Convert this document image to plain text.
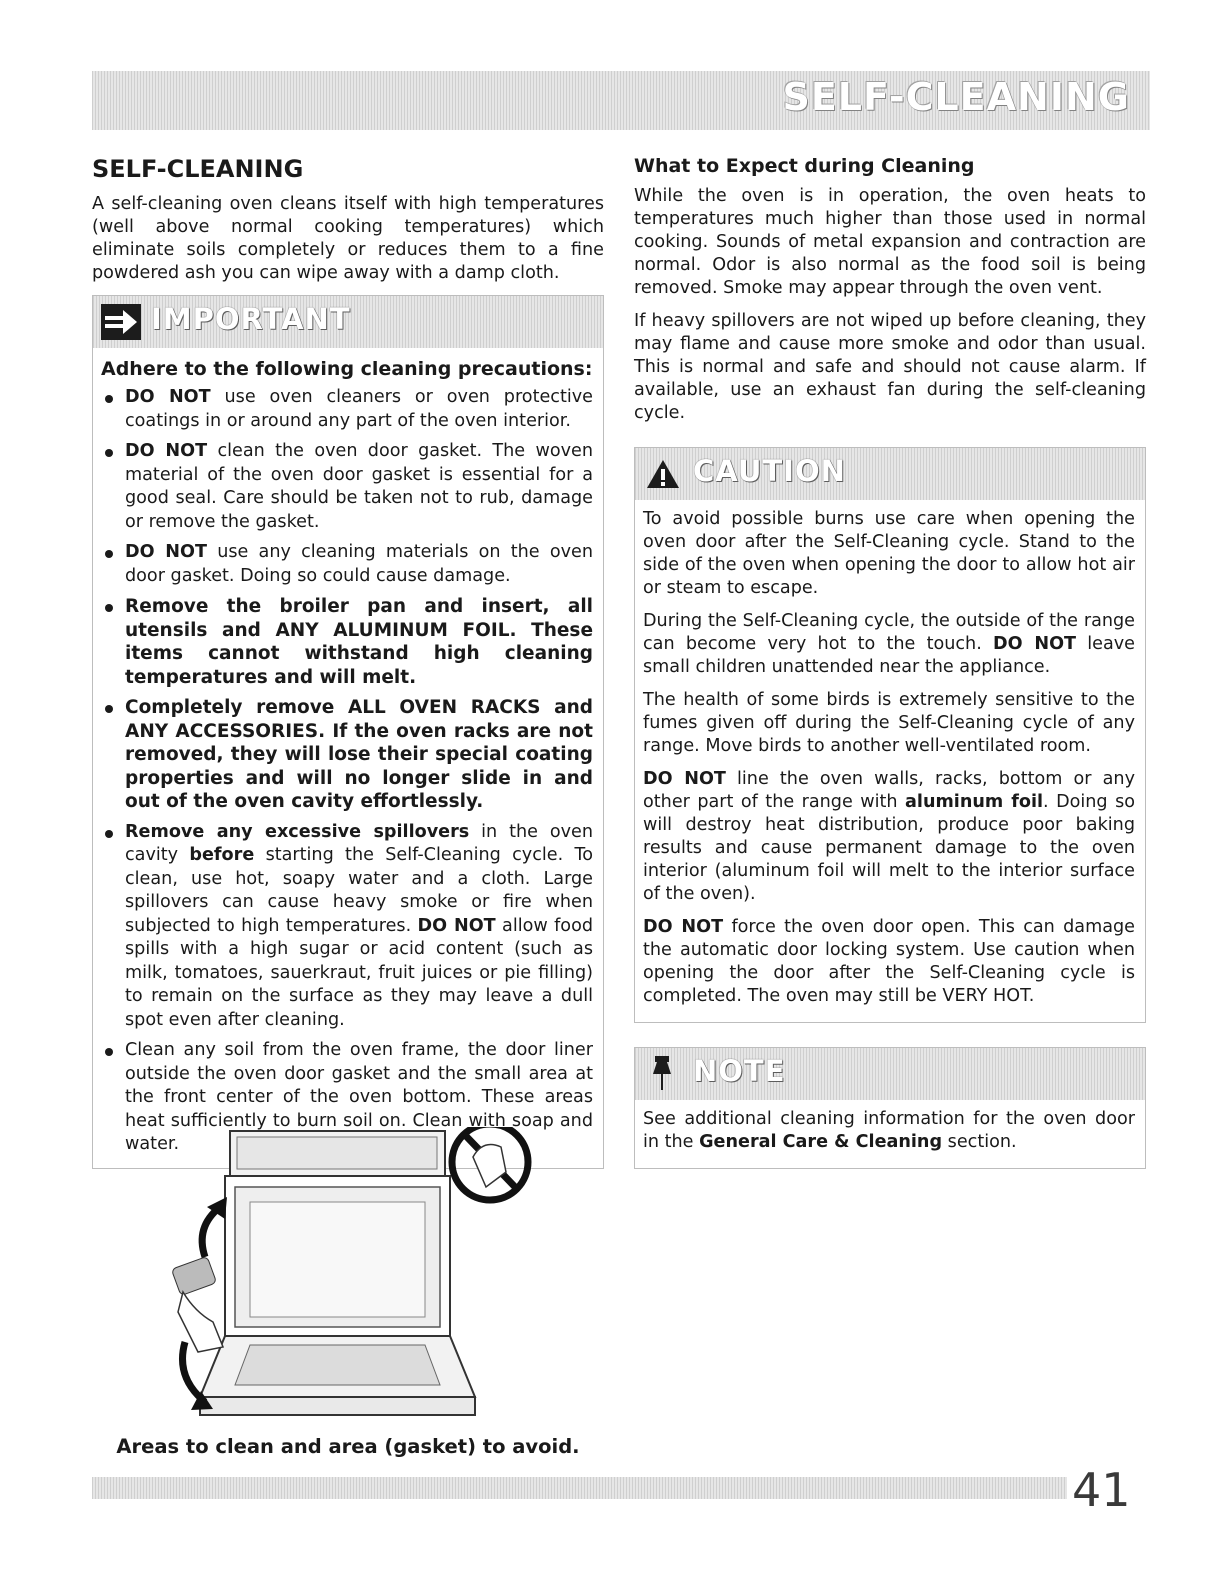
SELF-CLEANING
SELF-CLEANING

A self-cleaning oven cleans itself with high temperatures (well above normal cooking temperatures) which eliminate soils completely or reduces them to a fine powdered ash you can wipe away with a damp cloth.

IMPORTANT
Adhere to the following cleaning precautions:
DO NOT use oven cleaners or oven protective coatings in or around any part of the oven interior.
DO NOT clean the oven door gasket. The woven material of the oven door gasket is essential for a good seal. Care should be taken not to rub, damage or remove the gasket.
DO NOT use any cleaning materials on the oven door gasket. Doing so could cause damage.
Remove the broiler pan and insert, all utensils and ANY ALUMINUM FOIL. These items cannot withstand high cleaning temperatures and will melt.
Completely remove ALL OVEN RACKS and ANY ACCESSORIES. If the oven racks are not removed, they will lose their special coating properties and will no longer slide in and out of the oven cavity effortlessly.
Remove any excessive spillovers in the oven cavity before starting the Self-Cleaning cycle. To clean, use hot, soapy water and a cloth. Large spillovers can cause heavy smoke or fire when subjected to high temperatures. DO NOT allow food spills with a high sugar or acid content (such as milk, tomatoes, sauerkraut, fruit juices or pie filling) to remain on the surface as they may leave a dull spot even after cleaning.
Clean any soil from the oven frame, the door liner outside the oven door gasket and the small area at the front center of the oven bottom. These areas heat sufficiently to burn soil on. Clean with soap and water.
Areas to clean and area (gasket) to avoid.
What to Expect during Cleaning

While the oven is in operation, the oven heats to temperatures much higher than those used in normal cooking. Sounds of metal expansion and contraction are normal. Odor is also normal as the food soil is being removed. Smoke may appear through the oven vent.

If heavy spillovers are not wiped up before cleaning, they may flame and cause more smoke and odor than usual. This is normal and safe and should not cause alarm. If available, use an exhaust fan during the self-cleaning cycle.

CAUTION

To avoid possible burns use care when opening the oven door after the Self-Cleaning cycle. Stand to the side of the oven when opening the door to allow hot air or steam to escape.

During the Self-Cleaning cycle, the outside of the range can become very hot to the touch. DO NOT leave small children unattended near the appliance.

The health of some birds is extremely sensitive to the fumes given off during the Self-Cleaning cycle of any range. Move birds to another well-ventilated room.

DO NOT line the oven walls, racks, bottom or any other part of the range with aluminum foil. Doing so will destroy heat distribution, produce poor baking results and cause permanent damage to the oven interior (aluminum foil will melt to the interior surface of the oven).

DO NOT force the oven door open. This can damage the automatic door locking system. Use caution when opening the door after the Self-Cleaning cycle is completed. The oven may still be VERY HOT.

NOTE

See additional cleaning information for the oven door in the General Care & Cleaning section.

41
